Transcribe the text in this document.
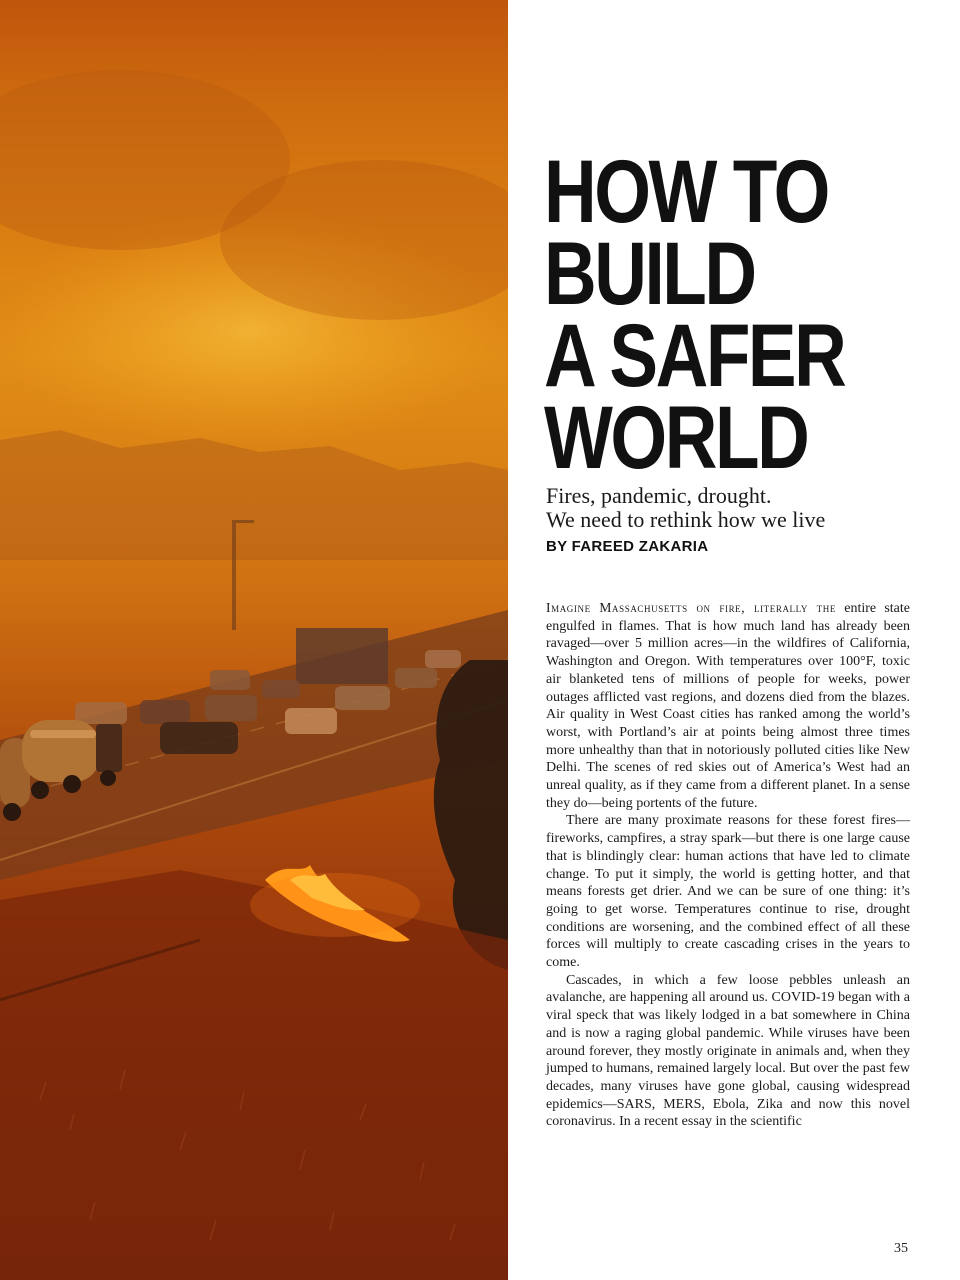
HOW TO
BUILD
A SAFER
WORLD
Fires, pandemic, drought.
We need to rethink how we live
BY FAREED ZAKARIA

Imagine Massachusetts on fire, literally the entire state engulfed in flames. That is how much land has already been ravaged—over 5 million acres—in the wildfires of California, Washington and Oregon. With temperatures over 100°F, toxic air blanketed tens of millions of people for weeks, power outages afflicted vast regions, and dozens died from the blazes. Air quality in West Coast cities has ranked among the world’s worst, with Portland’s air at points being almost three times more unhealthy than that in notoriously polluted cities like New Delhi. The scenes of red skies out of America’s West had an unreal quality, as if they came from a different planet. In a sense they do—being portents of the future.

There are many proximate reasons for these forest fires—fireworks, campfires, a stray spark—but there is one large cause that is blindingly clear: human actions that have led to climate change. To put it simply, the world is getting hotter, and that means forests get drier. And we can be sure of one thing: it’s going to get worse. Temperatures continue to rise, drought conditions are worsening, and the combined effect of all these forces will multiply to create cascading crises in the years to come.

Cascades, in which a few loose pebbles unleash an avalanche, are happening all around us. COVID-19 began with a viral speck that was likely lodged in a bat somewhere in China and is now a raging global pandemic. While viruses have been around forever, they mostly originate in animals and, when they jumped to humans, remained largely local. But over the past few decades, many viruses have gone global, causing widespread epidemics—SARS, MERS, Ebola, Zika and now this novel coronavirus. In a recent essay in the scientific

35
